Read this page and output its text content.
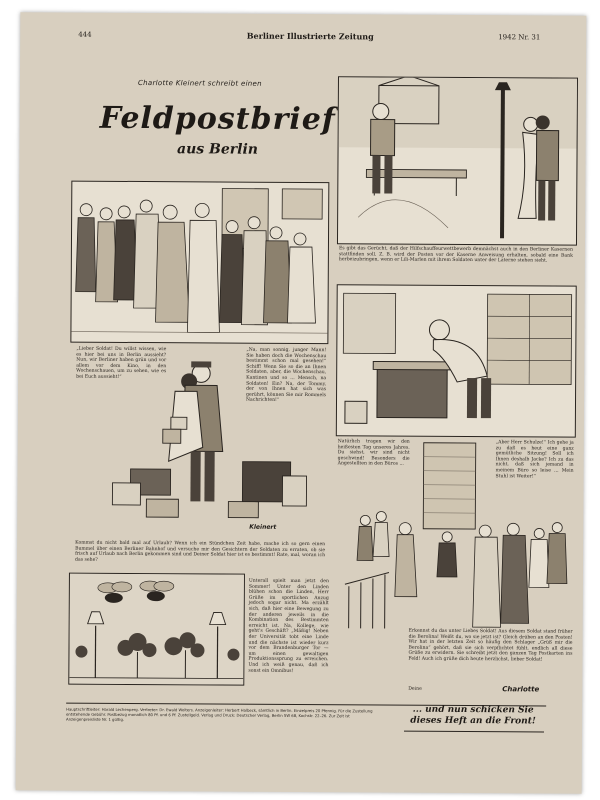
444	Berliner Illustrierte Zeitung	1942 Nr. 31
Charlotte Kleinert schreibt einen
Feldpostbrief
aus Berlin
Es gibt das Gerücht, daß der Hilfschauffeurwettbewerb demnächst auch in den Berliner Kasernen stattfinden soll. Z. B. wird der Posten vor der Kaserne Anweisung erhalten, sobald eine Bank herbeizubringen, wenn er Lili-Marlen mit ihrem Soldaten unter der Laterne stehen sieht.
„Lieber Soldat! Du willst wissen, wie es hier bei uns in Berlin aussieht? Nun, wir Berliner haben grün und vor allem vor dem Kino, in den Wochenschauen, um zu sehen, wie es bei Euch aussieht!“
„Na, man sonnig, junger Mann! Sie haben doch die Wochenschau bestimmt schon mal gesehen!“ Schiff! Wenn Sie so die an Ihnen Soldaten, aber, die Wochenschau, Kantinen und so ... Mensch, na Soldaten! Ein? Na, der Tommy, der von Ihnen hat sich was gerührt, können Sie mir Rommels Nachrichten!“
Kleinert
Kommst du nicht bald mal auf Urlaub? Wenn ich ein Stündchen Zeit habe, mache ich so gern einen Bummel über einen Berliner Bahnhof und versuche mir den Gesichtern der Soldaten zu erraten, ob sie frisch auf Urlaub nach Berlin gekommen sind und Deiner Soldat hier ist es bestimmt! Rate, mal, woran ich das sehe?
Natürlich tragen wir den heißesten Tag unseres Jahres. Du siehst, wir sind nicht geschwind! Besonders die Angestellten in den Büros ...
„Aber Herr Schulze!“ Ich gehe ja zu daß es heut eine ganz gemütliche Sitzung! Soll ich Ihnen deshalb Jacke? Ich zu das nicht, daß sich jemand in meinem Büro so leise ... Mein Stuhl ist Weiter!“
Unterall spielt man jetzt den Sommer! Unter den Linden blühen schon die Linden, Herr Grüße im sportlichen Anzug jedoch sogar nicht. Ma erzählt sich, daß hier eine Bewegung zu der anderen jeweils in die Kombination des Bestimmten erreicht ist. Na, Kollege, wie geht's Geschäft? „Mäßig! Neben der Universität tobt eine Linde und die nächste ist wieder kurz vor dem Brandenburger Tor — um einen gewaltigen Produktionssprung zu erreichen. Und ich weiß genau, daß ich sonst ein Omnibus!
Erkennst du das unter Liebes Soldat! Aus diesem Soldat stand früher die Berolina! Weißt du, wo sie jetzt ist? Gleich drüben an den Posten! Wir hat in der letzten Zeit so häufig den Schlager „Grüß mir die Berolina“ gehört, daß sie sich verpflichtet fühlt, endlich all diese Grüße zu erwidern. Sie schreibt jetzt den ganzen Tag Postkarten ins Feld! Auch ich grüße dich heute herzlichst, lieber Soldat!
Deine	Charlotte
Hauptschriftleiter: Harald Lechenperg. Vertreter: Dr. Ewald Wolters. Anzeigenleiter: Herbert Halbeck, sämtlich in Berlin. Einzelpreis 20 Pfennig. Für die Zustellung entstehende Gebühr. Postbezug monatlich 80 Pf. und 6 Pf. Zustellgeld. Verlag und Druck: Deutscher Verlag, Berlin SW 68, Kochstr. 22–26. Zur Zeit ist Anzeigenpreisliste Nr. 1 gültig.
... und nun schicken Sie dieses Heft an die Front!
